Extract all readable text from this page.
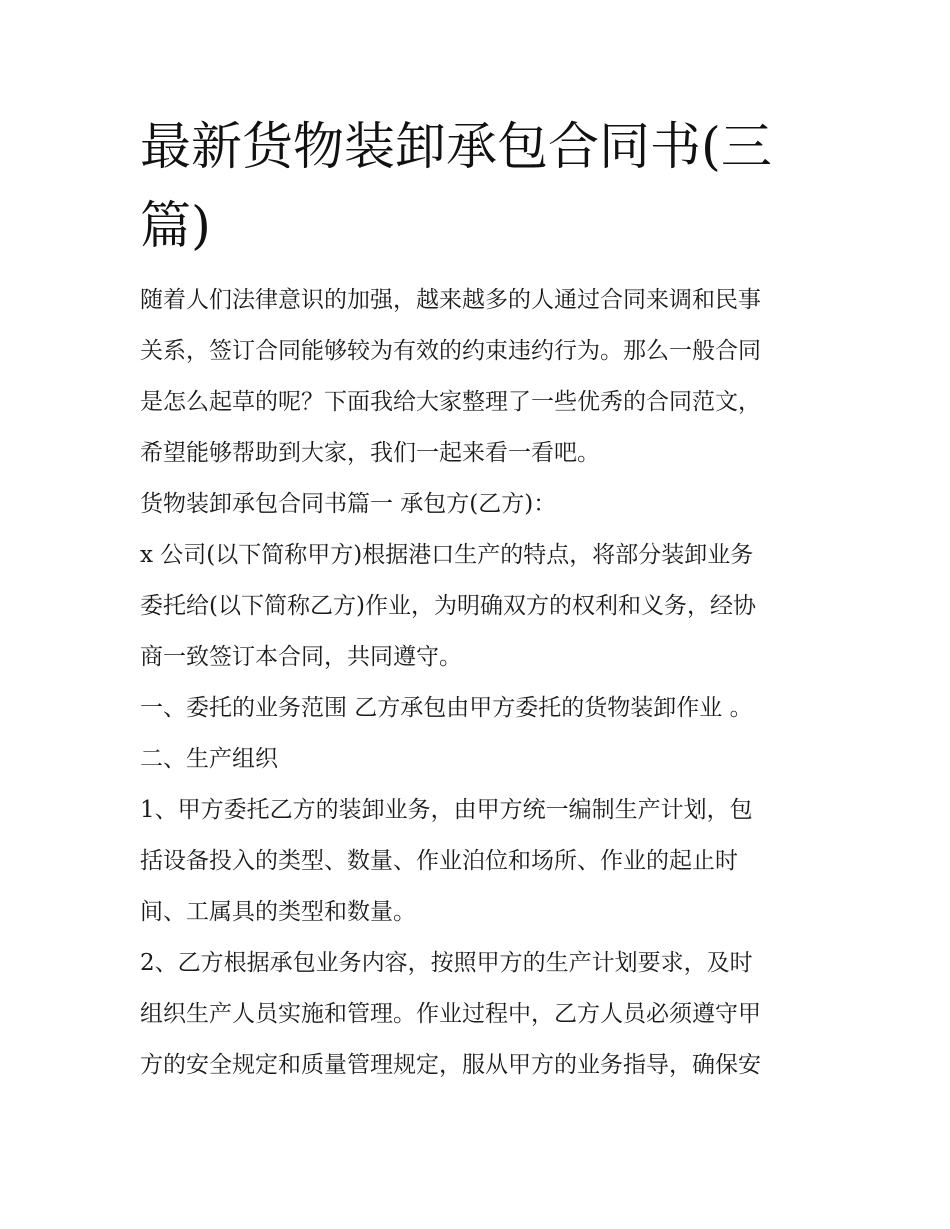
最新货物装卸承包合同书(三篇)

随着人们法律意识的加强，越来越多的人通过合同来调和民事

关系，签订合同能够较为有效的约束违约行为。那么一般合同

是怎么起草的呢？下面我给大家整理了一些优秀的合同范文，

希望能够帮助到大家，我们一起来看一看吧。

货物装卸承包合同书篇一 承包方(乙方)：

x 公司(以下简称甲方)根据港口生产的特点，将部分装卸业务

委托给(以下简称乙方)作业，为明确双方的权利和义务，经协

商一致签订本合同，共同遵守。

一、委托的业务范围 乙方承包由甲方委托的货物装卸作业 。

二、生产组织

1、甲方委托乙方的装卸业务，由甲方统一编制生产计划，包

括设备投入的类型、数量、作业泊位和场所、作业的起止时

间、工属具的类型和数量。

2、乙方根据承包业务内容，按照甲方的生产计划要求，及时

组织生产人员实施和管理。作业过程中，乙方人员必须遵守甲

方的安全规定和质量管理规定，服从甲方的业务指导，确保安
